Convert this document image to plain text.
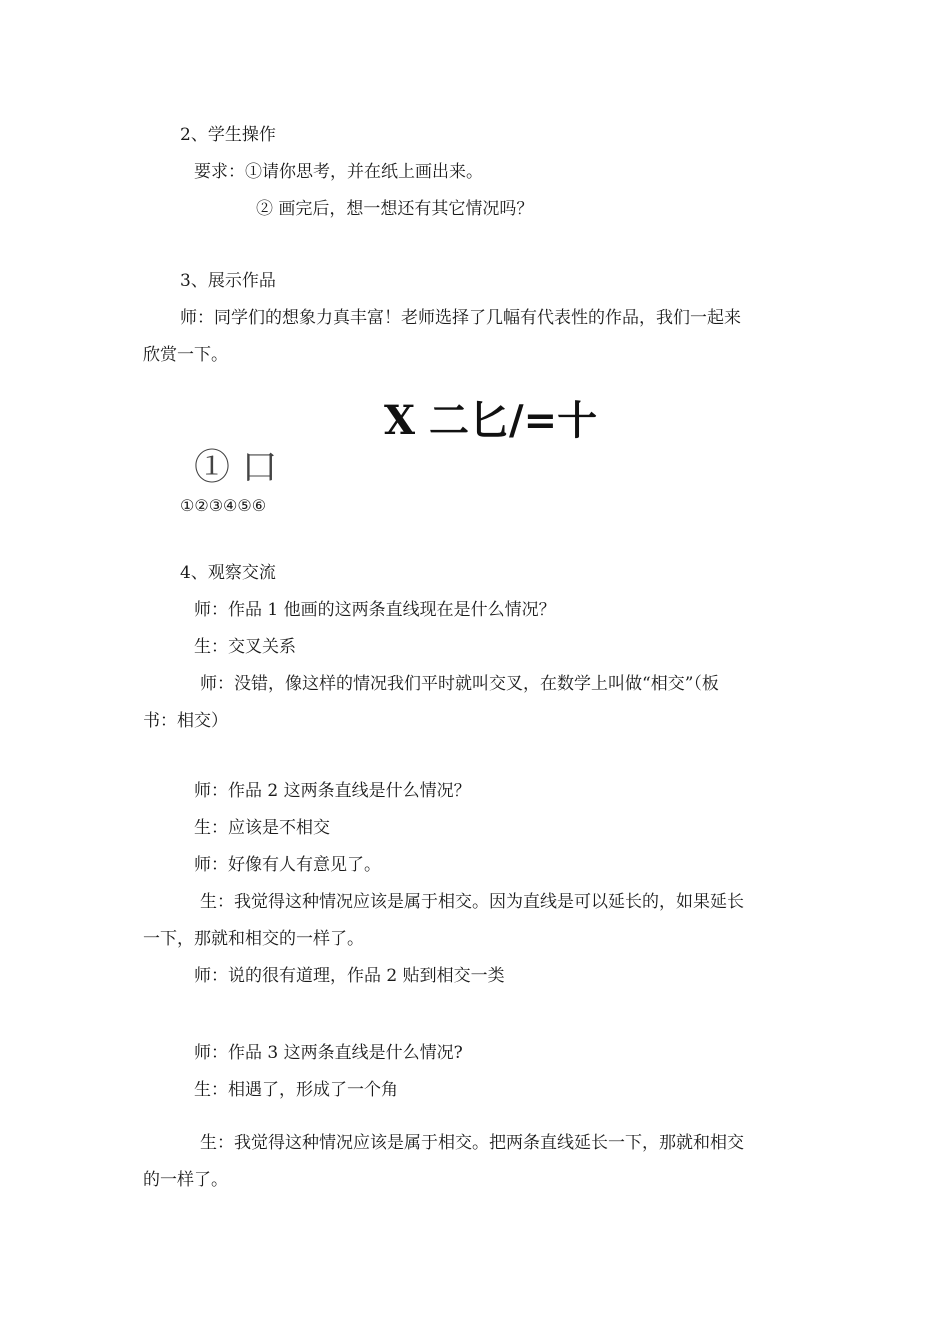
2、学生操作
要求：①请你思考，并在纸上画出来。
② 画完后，想一想还有其它情况吗？
3、展示作品
师：同学们的想象力真丰富！老师选择了几幅有代表性的作品，我们一起来
欣赏一下。
X 二匕/=十
① 口
①②③④⑤⑥
4、观察交流
师：作品 1 他画的这两条直线现在是什么情况？
生：交叉关系
师：没错，像这样的情况我们平时就叫交叉，在数学上叫做“相交”（板
书：相交）
师：作品 2 这两条直线是什么情况？
生：应该是不相交
师：好像有人有意见了。
生：我觉得这种情况应该是属于相交。因为直线是可以延长的，如果延长
一下，那就和相交的一样了。
师：说的很有道理，作品 2 贴到相交一类
师：作品 3 这两条直线是什么情况?
生：相遇了，形成了一个角
生：我觉得这种情况应该是属于相交。把两条直线延长一下，那就和相交
的一样了。
